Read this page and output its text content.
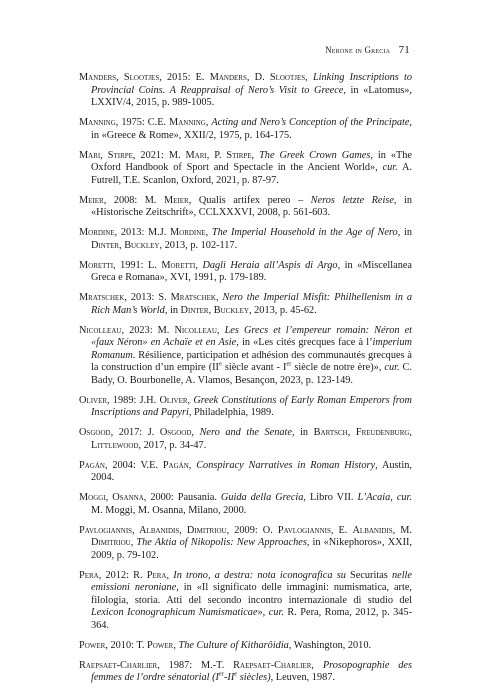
Nerone in Grecia 71

Manders, Slootjes, 2015: E. Manders, D. Slootjes, Linking Inscriptions to Provincial Coins. A Reappraisal of Nero’s Visit to Greece, in «Latomus», LXXIV/4, 2015, p. 989-1005.

Manning, 1975: C.E. Manning, Acting and Nero’s Conception of the Principate, in «Greece & Rome», XXII/2, 1975, p. 164-175.

Mari, Stirpe, 2021: M. Mari, P. Stirpe, The Greek Crown Games, in «The Oxford Handbook of Sport and Spectacle in the Ancient World», cur. A. Futrell, T.E. Scanlon, Oxford, 2021, p. 87-97.

Meier, 2008: M. Meier, Qualis artifex pereo – Neros letzte Reise, in «Historische Zeitschrift», CCLXXXVI, 2008, p. 561-603.

Mordine, 2013: M.J. Mordine, The Imperial Household in the Age of Nero, in Dinter, Buckley, 2013, p. 102-117.

Moretti, 1991: L. Moretti, Dagli Heraia all’Aspis di Argo, in «Miscellanea Greca e Romana», XVI, 1991, p. 179-189.

Mratschek, 2013: S. Mratschek, Nero the Imperial Misfit: Philhellenism in a Rich Man’s World, in Dinter, Buckley, 2013, p. 45-62.

Nicolleau, 2023: M. Nicolleau, Les Grecs et l’empereur romain: Néron et «faux Néron» en Achaïe et en Asie, in «Les cités grecques face à l’imperium Romanum. Résilience, participation et adhésion des communautés grecques à la construction d’un empire (IIe siècle avant - Ier siècle de notre ère)», cur. C. Bady, O. Bourbonelle, A. Vlamos, Besançon, 2023, p. 123-149.

Oliver, 1989: J.H. Oliver, Greek Constitutions of Early Roman Emperors from Inscriptions and Papyri, Philadelphia, 1989.

Osgood, 2017: J. Osgood, Nero and the Senate, in Bartsch, Freudenburg, Littlewood, 2017, p. 34-47.

Pagán, 2004: V.E. Pagán, Conspiracy Narratives in Roman History, Austin, 2004.

Moggi, Osanna, 2000: Pausania. Guida della Grecia, Libro VII. L’Acaia, cur. M. Moggi, M. Osanna, Milano, 2000.

Pavlogiannis, Albanidis, Dimitriou, 2009: O. Pavlogiannis, E. Albanidis, M. Dimitriou, The Aktia of Nikopolis: New Approaches, in «Nikephoros», XXII, 2009, p. 79-102.

Pera, 2012: R. Pera, In trono, a destra: nota iconografica su Securitas nelle emissioni neroniane, in «Il significato delle immagini: numismatica, arte, filologia, storia. Atti del secondo incontro internazionale di studio del Lexicon Iconographicum Numismaticae», cur. R. Pera, Roma, 2012, p. 345-364.

Power, 2010: T. Power, The Culture of Kitharôidia, Washington, 2010.

Raepsaet-Charlier, 1987: M.-T. Raepsaet-Charlier, Prosopographie des femmes de l’ordre sénatorial (Ier-IIe siècles), Leuven, 1987.
